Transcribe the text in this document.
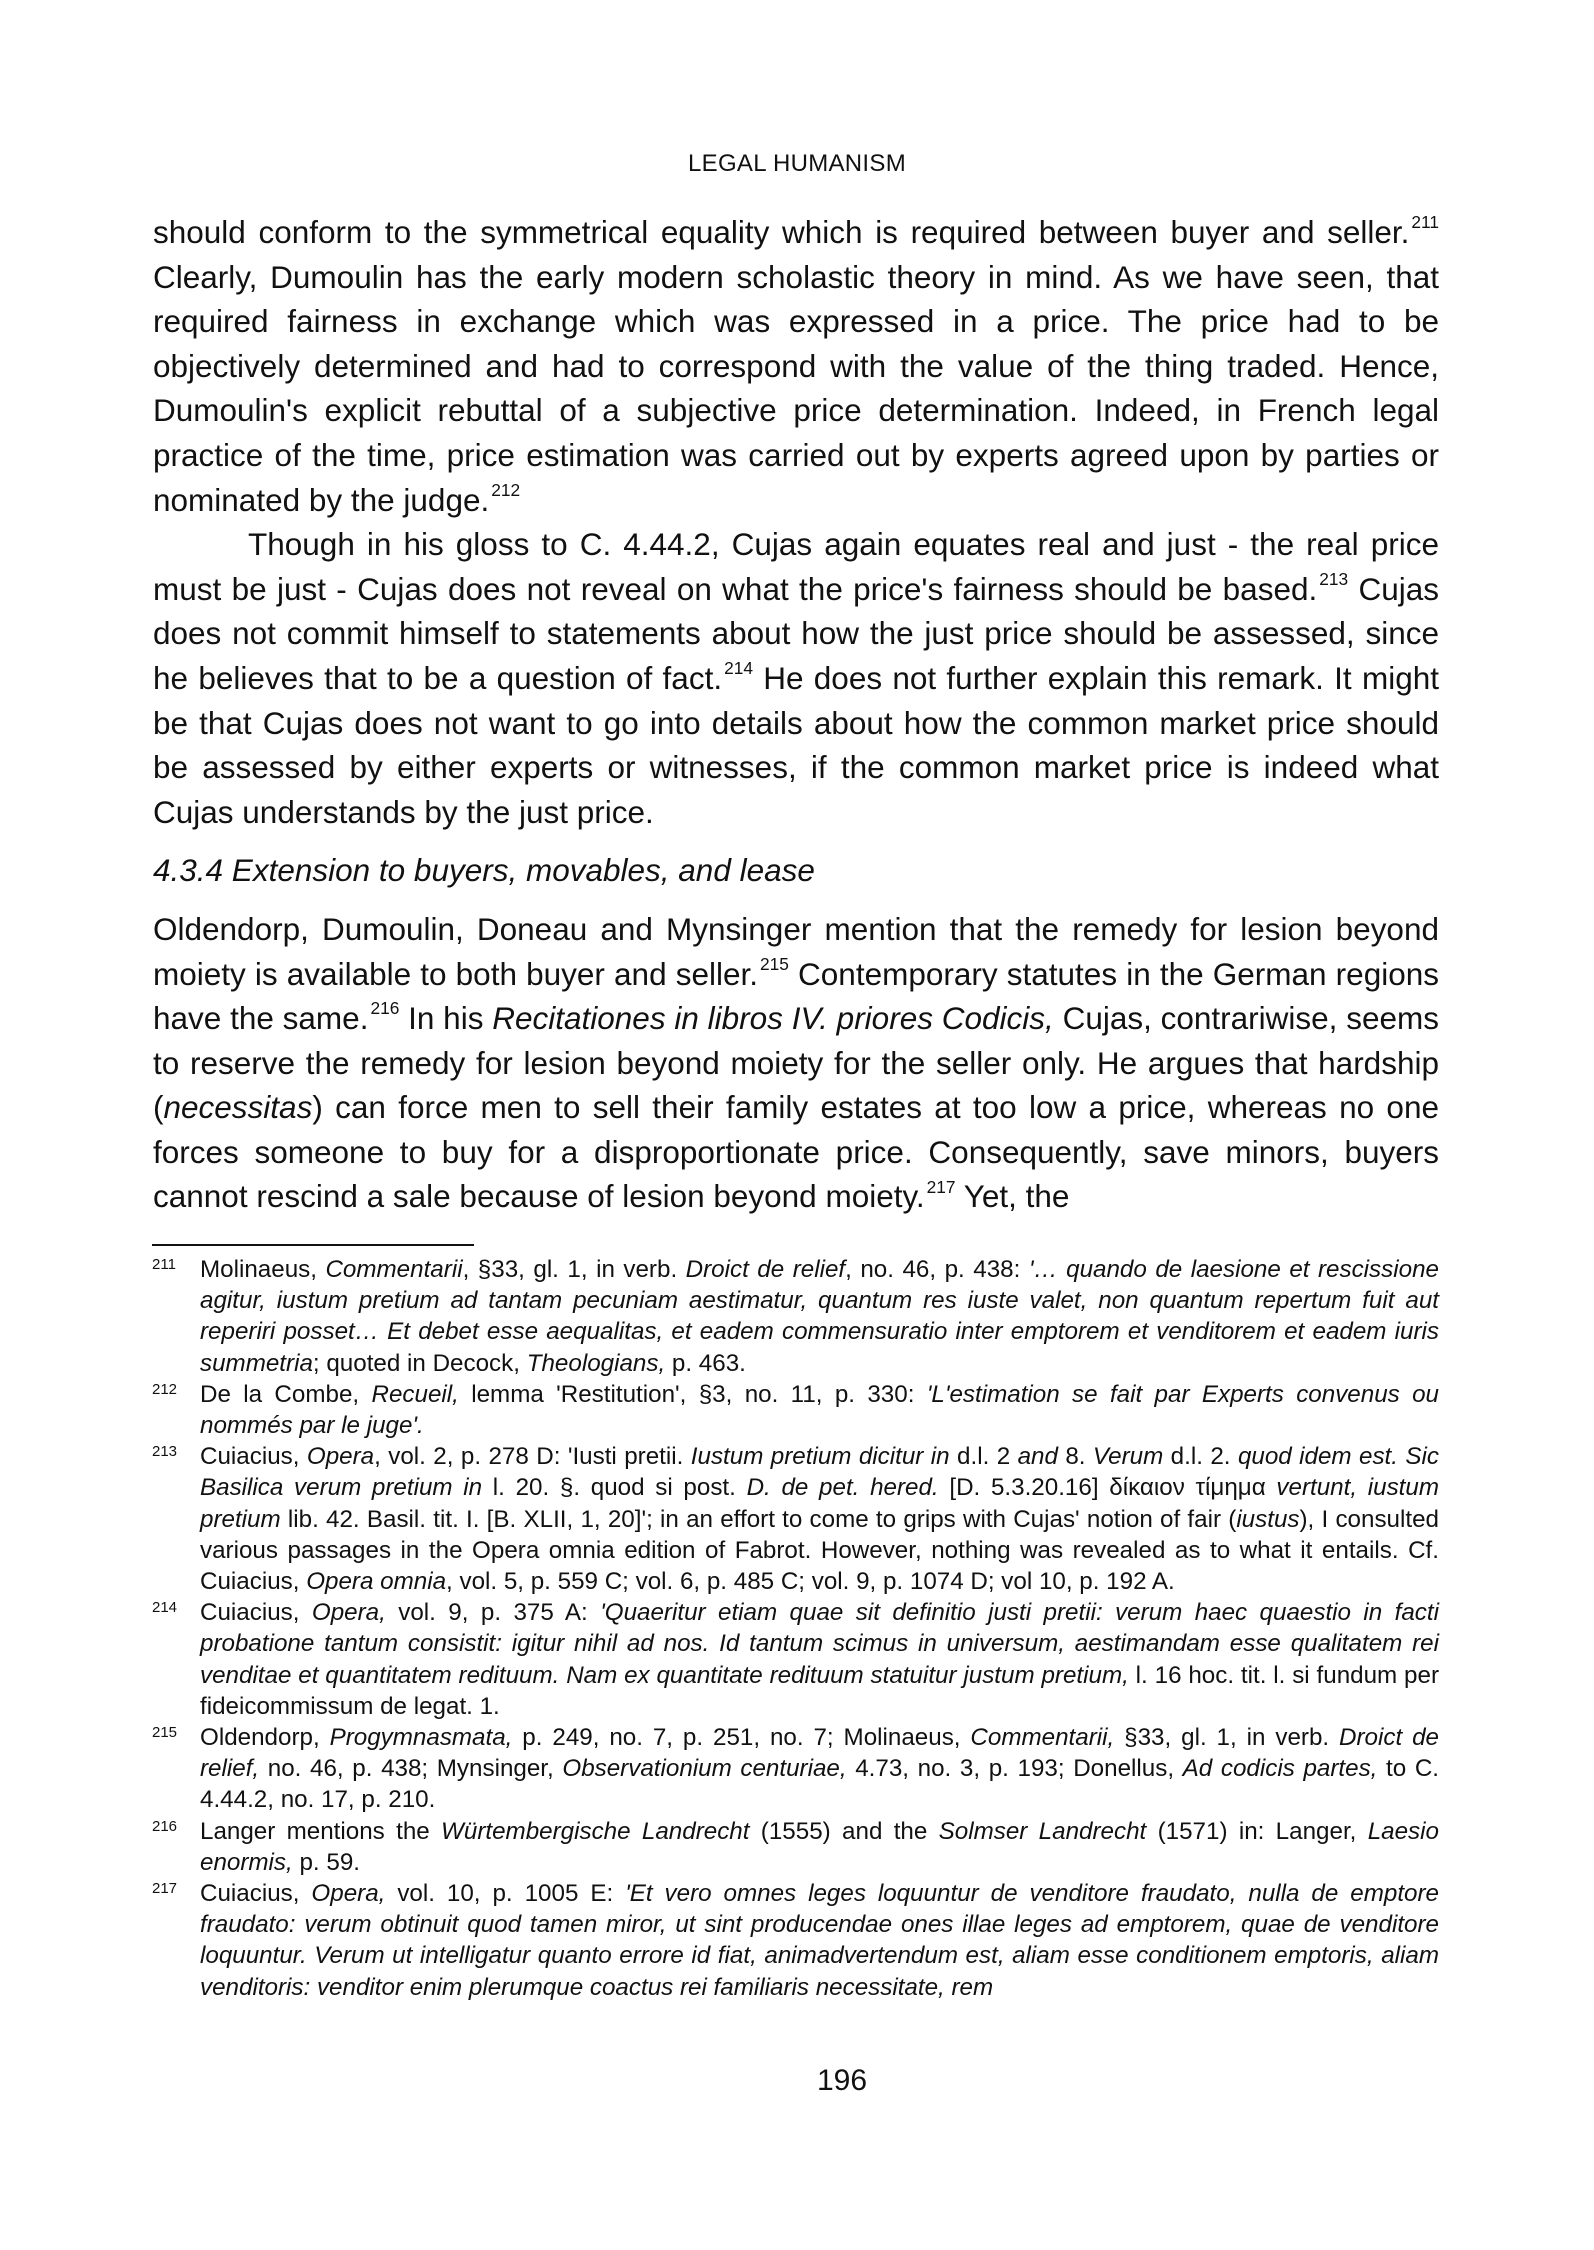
LEGAL HUMANISM

should conform to the symmetrical equality which is required between buyer and seller. $^{211}$ Clearly, Dumoulin has the early modern scholastic theory in mind. As we have seen, that required fairness in exchange which was expressed in a price. The price had to be objectively determined and had to correspond with the value of the thing traded. Hence, Dumoulin's explicit rebuttal of a subjective price determination. Indeed, in French legal practice of the time, price estimation was carried out by experts agreed upon by parties or nominated by the judge. $^{212}$

Though in his gloss to C. 4.44.2, Cujas again equates real and just - the real price must be just - Cujas does not reveal on what the price's fairness should be based. $^{213}$ Cujas does not commit himself to statements about how the just price should be assessed, since he believes that to be a question of fact. $^{214}$ He does not further explain this remark. It might be that Cujas does not want to go into details about how the common market price should be assessed by either experts or witnesses, if the common market price is indeed what Cujas understands by the just price.

4.3.4 Extension to buyers, movables, and lease

Oldendorp, Dumoulin, Doneau and Mynsinger mention that the remedy for lesion beyond moiety is available to both buyer and seller. $^{215}$ Contemporary statutes in the German regions have the same. $^{216}$ In his Recitationes in libros IV. priores Codicis, Cujas, contrariwise, seems to reserve the remedy for lesion beyond moiety for the seller only. He argues that hardship (necessitas) can force men to sell their family estates at too low a price, whereas no one forces someone to buy for a disproportionate price. Consequently, save minors, buyers cannot rescind a sale because of lesion beyond moiety. $^{217}$ Yet, the

211 Molinaeus, Commentarii, §33, gl. 1, in verb. Droict de relief, no. 46, p. 438: '… quando de laesione et rescissione agitur, iustum pretium ad tantam pecuniam aestimatur, quantum res iuste valet, non quantum repertum fuit aut reperiri posset… Et debet esse aequalitas, et eadem commensuratio inter emptorem et venditorem et eadem iuris summetria; quoted in Decock, Theologians, p. 463.
212 De la Combe, Recueil, lemma 'Restitution', §3, no. 11, p. 330: 'L'estimation se fait par Experts convenus ou nommés par le juge'.
213 Cuiacius, Opera, vol. 2, p. 278 D: 'Iusti pretii. Iustum pretium dicitur in d.l. 2 and 8. Verum d.l. 2. quod idem est. Sic Basilica verum pretium in l. 20. §. quod si post. D. de pet. hered. [D. 5.3.20.16] δίκαιον τίμημα vertunt, iustum pretium lib. 42. Basil. tit. I. [B. XLII, 1, 20]'; in an effort to come to grips with Cujas' notion of fair (iustus), I consulted various passages in the Opera omnia edition of Fabrot. However, nothing was revealed as to what it entails. Cf. Cuiacius, Opera omnia, vol. 5, p. 559 C; vol. 6, p. 485 C; vol. 9, p. 1074 D; vol 10, p. 192 A.
214 Cuiacius, Opera, vol. 9, p. 375 A: 'Quaeritur etiam quae sit definitio justi pretii: verum haec quaestio in facti probatione tantum consistit: igitur nihil ad nos. Id tantum scimus in universum, aestimandam esse qualitatem rei venditae et quantitatem redituum. Nam ex quantitate redituum statuitur justum pretium, l. 16 hoc. tit. l. si fundum per fideicommissum de legat. 1.
215 Oldendorp, Progymnasmata, p. 249, no. 7, p. 251, no. 7; Molinaeus, Commentarii, §33, gl. 1, in verb. Droict de relief, no. 46, p. 438; Mynsinger, Observationium centuriae, 4.73, no. 3, p. 193; Donellus, Ad codicis partes, to C. 4.44.2, no. 17, p. 210.
216 Langer mentions the Würtembergische Landrecht (1555) and the Solmser Landrecht (1571) in: Langer, Laesio enormis, p. 59.
217 Cuiacius, Opera, vol. 10, p. 1005 E: 'Et vero omnes leges loquuntur de venditore fraudato, nulla de emptore fraudato: verum obtinuit quod tamen miror, ut sint producendae ones illae leges ad emptorem, quae de venditore loquuntur. Verum ut intelligatur quanto errore id fiat, animadvertendum est, aliam esse conditionem emptoris, aliam venditoris: venditor enim plerumque coactus rei familiaris necessitate, rem
196
